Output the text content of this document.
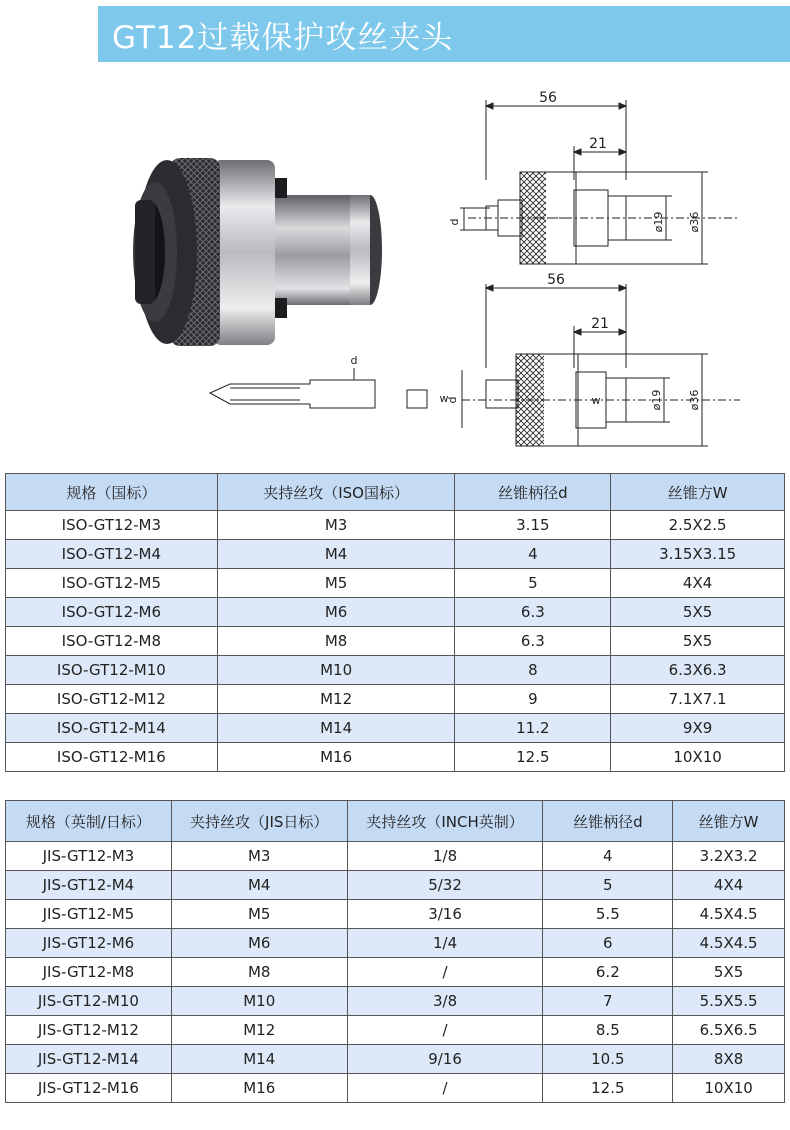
GT12过载保护攻丝夹头
56
21
d	ø19 ø36
56
21
d
w
d	w	ø19 ø36
规格（国标）	夹持丝攻（ISO国标）	丝锥柄径d	丝锥方W
ISO-GT12-M3	M3	3.15	2.5X2.5
ISO-GT12-M4	M4	4	3.15X3.15
ISO-GT12-M5	M5	5	4X4
ISO-GT12-M6	M6	6.3	5X5
ISO-GT12-M8	M8	6.3	5X5
ISO-GT12-M10	M10	8	6.3X6.3
ISO-GT12-M12	M12	9	7.1X7.1
ISO-GT12-M14	M14	11.2	9X9
ISO-GT12-M16	M16	12.5	10X10
规格（英制/日标）	夹持丝攻（JIS日标）	夹持丝攻（INCH英制）	丝锥柄径d	丝锥方W
JIS-GT12-M3	M3	1/8	4	3.2X3.2
JIS-GT12-M4	M4	5/32	5	4X4
JIS-GT12-M5	M5	3/16	5.5	4.5X4.5
JIS-GT12-M6	M6	1/4	6	4.5X4.5
JIS-GT12-M8	M8	/	6.2	5X5
JIS-GT12-M10	M10	3/8	7	5.5X5.5
JIS-GT12-M12	M12	/	8.5	6.5X6.5
JIS-GT12-M14	M14	9/16	10.5	8X8
JIS-GT12-M16	M16	/	12.5	10X10
